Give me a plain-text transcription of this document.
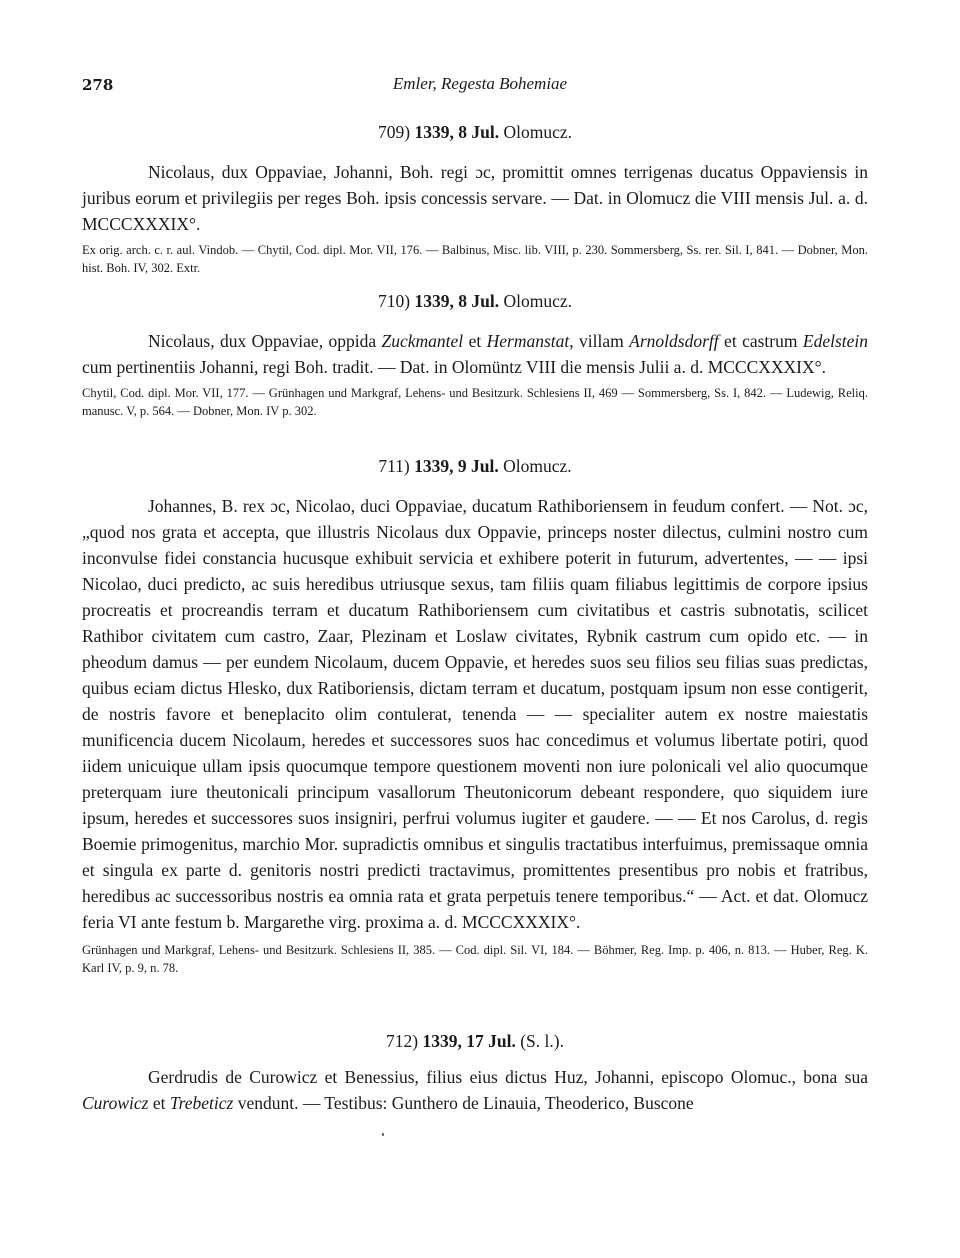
278	Emler, Regesta Bohemiae

709) 1339, 8 Jul. Olomucz.

Nicolaus, dux Oppaviae, Johanni, Boh. regi ɔc, promittit omnes terrigenas ducatus Oppaviensis in juribus eorum et privilegiis per reges Boh. ipsis concessis servare. — Dat. in Olomucz die VIII mensis Jul. a. d. MCCCXXXIX°.

Ex orig. arch. c. r. aul. Vindob. — Chytil, Cod. dipl. Mor. VII, 176. — Balbinus, Misc. lib. VIII, p. 230. Sommersberg, Ss. rer. Sil. I, 841. — Dobner, Mon. hist. Boh. IV, 302. Extr.

710) 1339, 8 Jul. Olomucz.

Nicolaus, dux Oppaviae, oppida Zuckmantel et Hermanstat, villam Arnoldsdorff et castrum Edelstein cum pertinentiis Johanni, regi Boh. tradit. — Dat. in Olomüntz VIII die mensis Julii a. d. MCCCXXXIX°.

Chytil, Cod. dipl. Mor. VII, 177. — Grünhagen und Markgraf, Lehens- und Besitzurk. Schlesiens II, 469 — Sommersberg, Ss. I, 842. — Ludewig, Reliq. manusc. V, p. 564. — Dobner, Mon. IV p. 302.

711) 1339, 9 Jul. Olomucz.

Johannes, B. rex ɔc, Nicolao, duci Oppaviae, ducatum Rathiboriensem in feudum confert. — Not. ɔc, „quod nos grata et accepta, que illustris Nicolaus dux Oppavie, princeps noster dilectus, culmini nostro cum inconvulse fidei constancia hucusque exhibuit servicia et exhibere poterit in futurum, advertentes, — — ipsi Nicolao, duci predicto, ac suis heredibus utriusque sexus, tam filiis quam filiabus legittimis de corpore ipsius procreatis et procreandis terram et ducatum Rathiboriensem cum civitatibus et castris subnotatis, scilicet Rathibor civitatem cum castro, Zaar, Plezinam et Loslaw civitates, Rybnik castrum cum opido etc. — in pheodum damus — per eundem Nicolaum, ducem Oppavie, et heredes suos seu filios seu filias suas predictas, quibus eciam dictus Hlesko, dux Ratiboriensis, dictam terram et ducatum, postquam ipsum non esse contigerit, de nostris favore et beneplacito olim contulerat, tenenda — — specialiter autem ex nostre maiestatis munificencia ducem Nicolaum, heredes et successores suos hac concedimus et volumus libertate potiri, quod iidem unicuique ullam ipsis quocumque tempore questionem moventi non iure polonicali vel alio quocumque preterquam iure theutonicali principum vasallorum Theutonicorum debeant respondere, quo siquidem iure ipsum, heredes et successores suos insigniri, perfrui volumus iugiter et gaudere. — — Et nos Carolus, d. regis Boemie primogenitus, marchio Mor. supradictis omnibus et singulis tractatibus interfuimus, premissaque omnia et singula ex parte d. genitoris nostri predicti tractavimus, promittentes presentibus pro nobis et fratribus, heredibus ac successoribus nostris ea omnia rata et grata perpetuis tenere temporibus.“ — Act. et dat. Olomucz feria VI ante festum b. Margarethe virg. proxima a. d. MCCCXXXIX°.

Grünhagen und Markgraf, Lehens- und Besitzurk. Schlesiens II, 385. — Cod. dipl. Sil. VI, 184. — Böhmer, Reg. Imp. p. 406, n. 813. — Huber, Reg. K. Karl IV, p. 9, n. 78.

712) 1339, 17 Jul. (S. l.).

Gerdrudis de Curowicz et Benessius, filius eius dictus Huz, Johanni, episcopo Olomuc., bona sua Curowicz et Trebeticz vendunt. — Testibus: Gunthero de Linauia, Theoderico, Buscone
